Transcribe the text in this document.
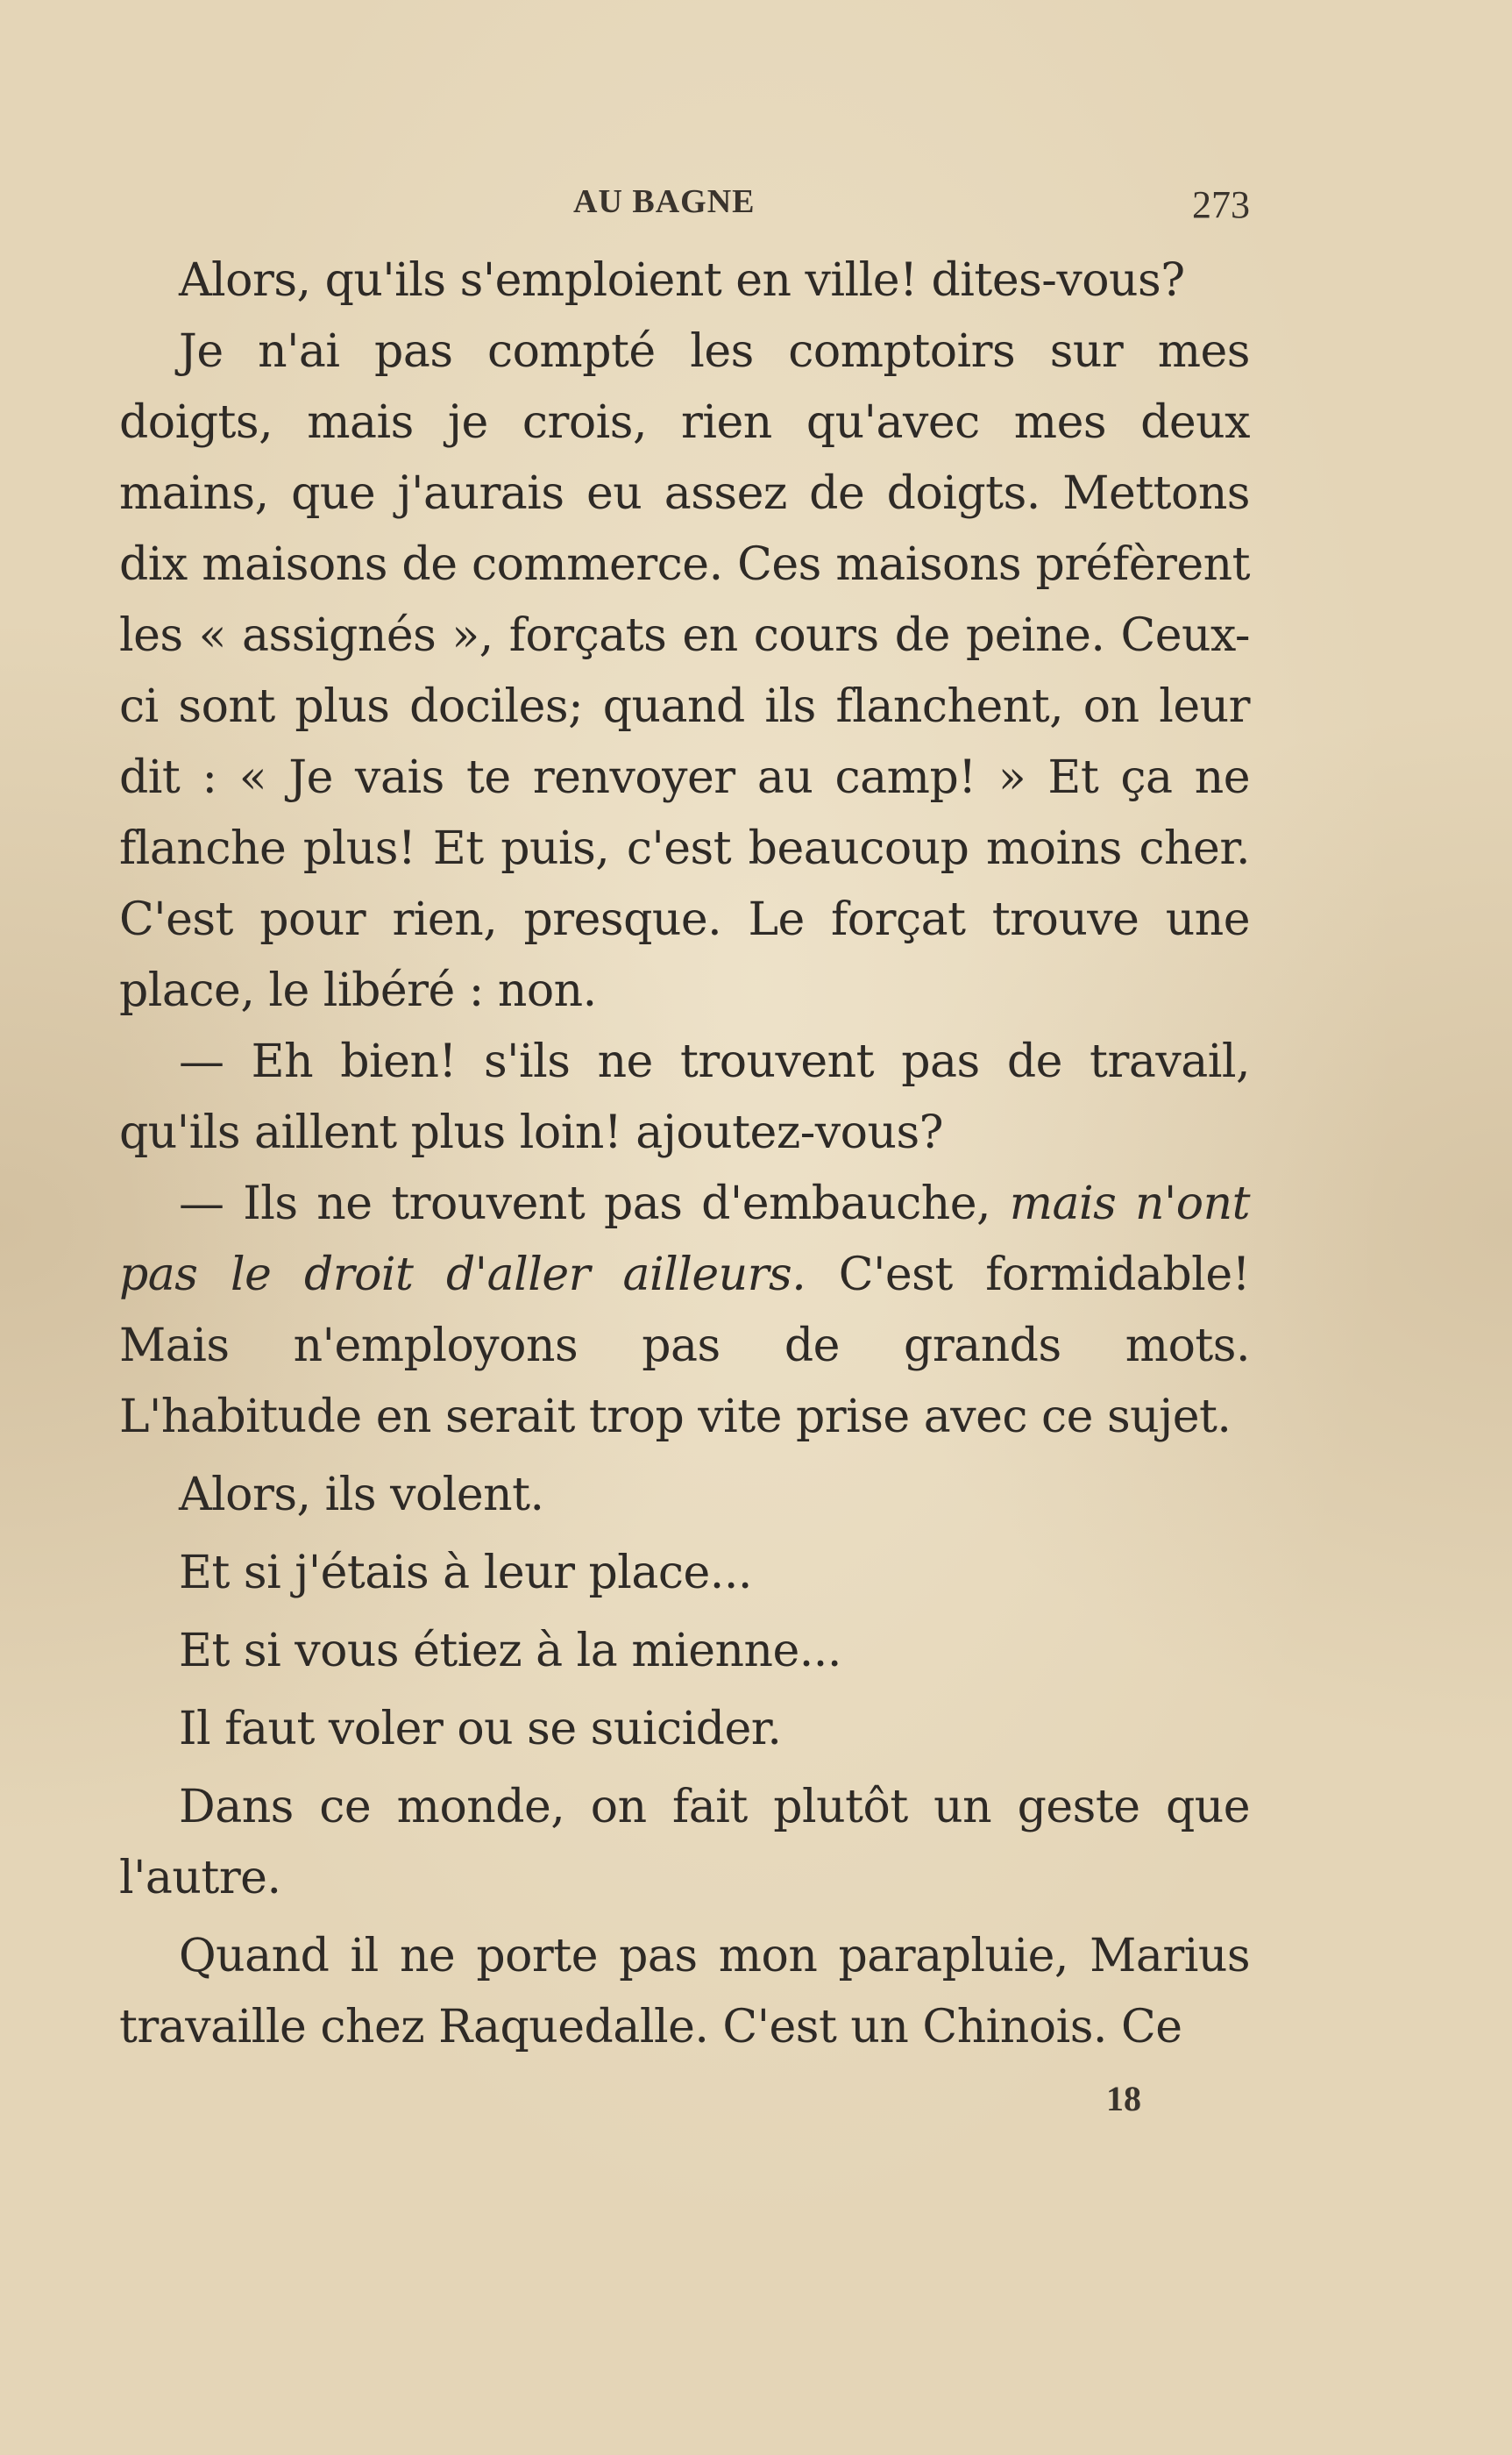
AU BAGNE	273

Alors, qu'ils s'emploient en ville! dites-vous?

Je n'ai pas compté les comptoirs sur mes doigts, mais je crois, rien qu'avec mes deux mains, que j'aurais eu assez de doigts. Mettons dix maisons de commerce. Ces maisons préfèrent les « assignés », forçats en cours de peine. Ceux-ci sont plus dociles; quand ils flanchent, on leur dit : « Je vais te renvoyer au camp! » Et ça ne flanche plus! Et puis, c'est beaucoup moins cher. C'est pour rien, presque. Le forçat trouve une place, le libéré : non.

— Eh bien! s'ils ne trouvent pas de travail, qu'ils aillent plus loin! ajoutez-vous?

— Ils ne trouvent pas d'embauche, mais n'ont pas le droit d'aller ailleurs. C'est formidable! Mais n'employons pas de grands mots. L'habitude en serait trop vite prise avec ce sujet.

Alors, ils volent.

Et si j'étais à leur place...

Et si vous étiez à la mienne...

Il faut voler ou se suicider.

Dans ce monde, on fait plutôt un geste que l'autre.

Quand il ne porte pas mon parapluie, Marius travaille chez Raquedalle. C'est un Chinois. Ce

18
